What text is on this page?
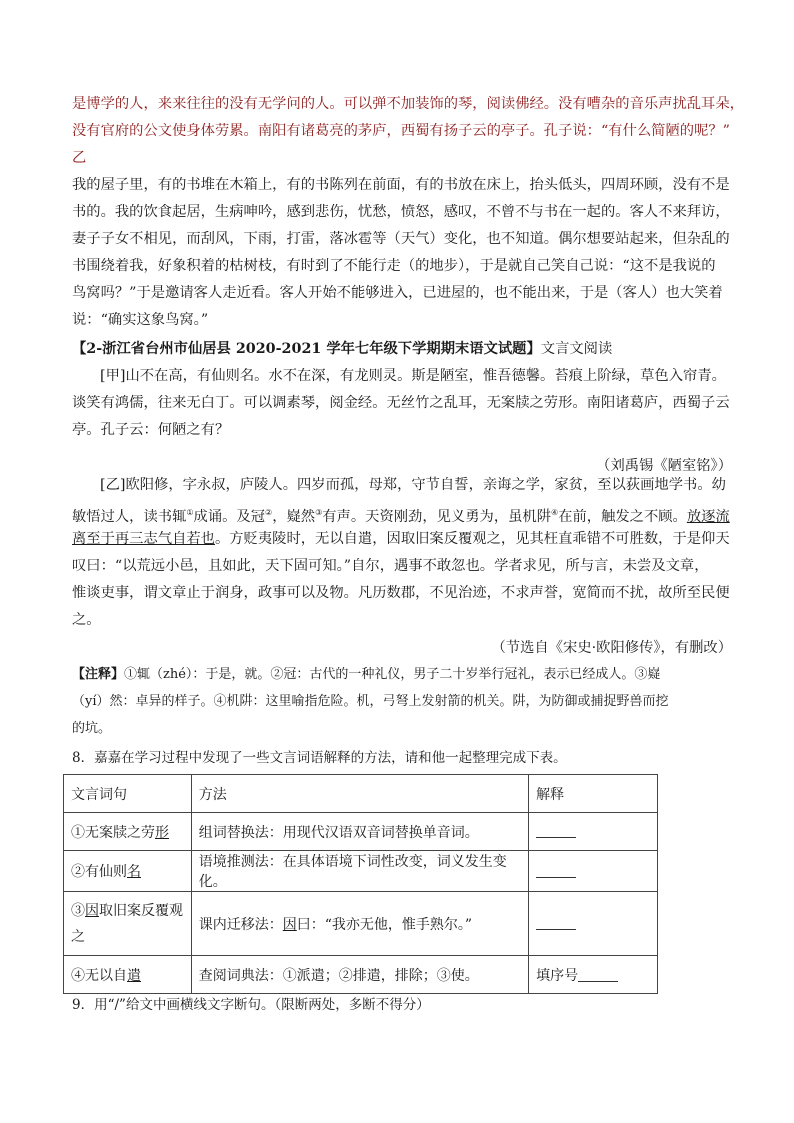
是博学的人，来来往往的没有无学问的人。可以弹不加装饰的琴，阅读佛经。没有嘈杂的音乐声扰乱耳朵，
没有官府的公文使身体劳累。南阳有诸葛亮的茅庐，西蜀有扬子云的亭子。孔子说：“有什么简陋的呢？”
乙
我的屋子里，有的书堆在木箱上，有的书陈列在前面，有的书放在床上，抬头低头，四周环顾，没有不是
书的。我的饮食起居，生病呻吟，感到悲伤，忧愁，愤怒，感叹，不曾不与书在一起的。客人不来拜访，
妻子子女不相见，而刮风，下雨，打雷，落冰雹等（天气）变化，也不知道。偶尔想要站起来，但杂乱的
书围绕着我，好象积着的枯树枝，有时到了不能行走（的地步），于是就自己笑自己说：“这不是我说的
鸟窝吗？”于是邀请客人走近看。客人开始不能够进入，已进屋的，也不能出来，于是（客人）也大笑着
说：“确实这象鸟窝。”
【2-浙江省台州市仙居县 2020-2021 学年七年级下学期期末语文试题】文言文阅读
[甲]山不在高，有仙则名。水不在深，有龙则灵。斯是陋室，惟吾德馨。苔痕上阶绿，草色入帘青。
谈笑有鸿儒，往来无白丁。可以调素琴，阅金经。无丝竹之乱耳，无案牍之劳形。南阳诸葛庐，西蜀子云
亭。孔子云：何陋之有？
（刘禹锡《陋室铭》）
[乙]欧阳修，字永叔，庐陵人。四岁而孤，母郑，守节自誓，亲诲之学，家贫，至以荻画地学书。幼
敏悟过人，读书辄①成诵。及冠②，嶷然③有声。天资刚劲，见义勇为，虽机阱④在前，触发之不顾。放逐流
离至于再三志气自若也。方贬夷陵时，无以自遣，因取旧案反覆观之，见其枉直乖错不可胜数，于是仰天
叹曰：“以荒远小邑，且如此，天下固可知。”自尔，遇事不敢忽也。学者求见，所与言，未尝及文章，
惟谈吏事，谓文章止于润身，政事可以及物。凡历数郡，不见治迹，不求声誉，宽简而不扰，故所至民便
之。
（节选自《宋史·欧阳修传》，有删改）
【注释】①辄（zhé）：于是，就。②冠：古代的一种礼仪，男子二十岁举行冠礼，表示已经成人。③嶷
（yí）然：卓异的样子。④机阱：这里喻指危险。机，弓弩上发射箭的机关。阱，为防御或捕捉野兽而挖
的坑。
8．嘉嘉在学习过程中发现了一些文言词语解释的方法，请和他一起整理完成下表。
文言词句	方法	解释
①无案牍之劳形	组词替换法：用现代汉语双音词替换单音词。	
②有仙则名	语境推测法：在具体语境下词性改变，词义发生变化。	
③因取旧案反覆观之	课内迁移法：因曰：“我亦无他，惟手熟尔。”	
④无以自遣	查阅词典法：①派遣；②排遣，排除；③使。	填序号
9．用“/”给文中画横线文字断句。（限断两处，多断不得分）
